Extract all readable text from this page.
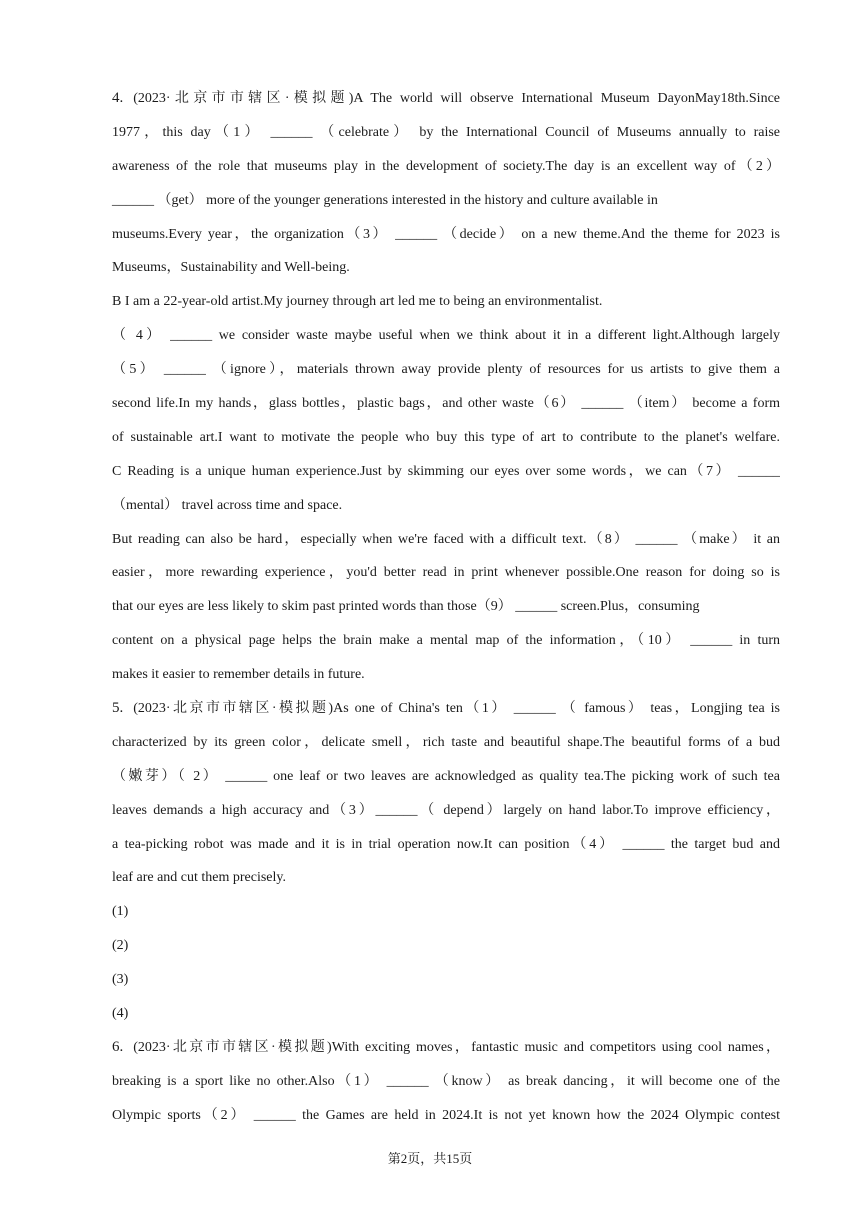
4. (2023·北京市市辖区·模拟题)A The world will observe International Museum DayonMay18th.Since
1977，this day（1） ______ （celebrate） by the International Council of Museums annually to raise
awareness of the role that museums play in the development of society.The day is an excellent way of（2）
______ （get） more of the younger generations interested in the history and culture available in
museums.Every year，the organization（3） ______ （decide） on a new theme.And the theme for 2023 is
Museums，Sustainability and Well-being.
B I am a 22-year-old artist.My journey through art led me to being an environmentalist.
（ 4） ______ we consider waste maybe useful when we think about it in a different light.Although largely
（5） ______ （ignore），materials thrown away provide plenty of resources for us artists to give them a
second life.In my hands，glass bottles，plastic bags，and other waste（6） ______ （item） become a form
of sustainable art.I want to motivate the people who buy this type of art to contribute to the planet's welfare.
C Reading is a unique human experience.Just by skimming our eyes over some words，we can（7） ______
（mental） travel across time and space.
But reading can also be hard，especially when we're faced with a difficult text.（8） ______ （make） it an
easier，more rewarding experience，you'd better read in print whenever possible.One reason for doing so is
that our eyes are less likely to skim past printed words than those（9） ______ screen.Plus，consuming
content on a physical page helps the brain make a mental map of the information，（10） ______ in turn
makes it easier to remember details in future.
5. (2023·北京市市辖区·模拟题)As one of China's ten（1） ______ （ famous） teas，Longjing tea is
characterized by its green color，delicate smell，rich taste and beautiful shape.The beautiful forms of a bud
（嫩芽）（ 2） ______ one leaf or two leaves are acknowledged as quality tea.The picking work of such tea
leaves demands a high accuracy and（3）______（ depend）largely on hand labor.To improve efficiency，
a tea-picking robot was made and it is in trial operation now.It can position（4） ______ the target bud and
leaf are and cut them precisely.
(1)
(2)
(3)
(4)
6. (2023·北京市市辖区·模拟题)With exciting moves，fantastic music and competitors using cool names，
breaking is a sport like no other.Also（1） ______ （know） as break dancing，it will become one of the
Olympic sports（2） ______ the Games are held in 2024.It is not yet known how the 2024 Olympic contest
第2页，共15页
